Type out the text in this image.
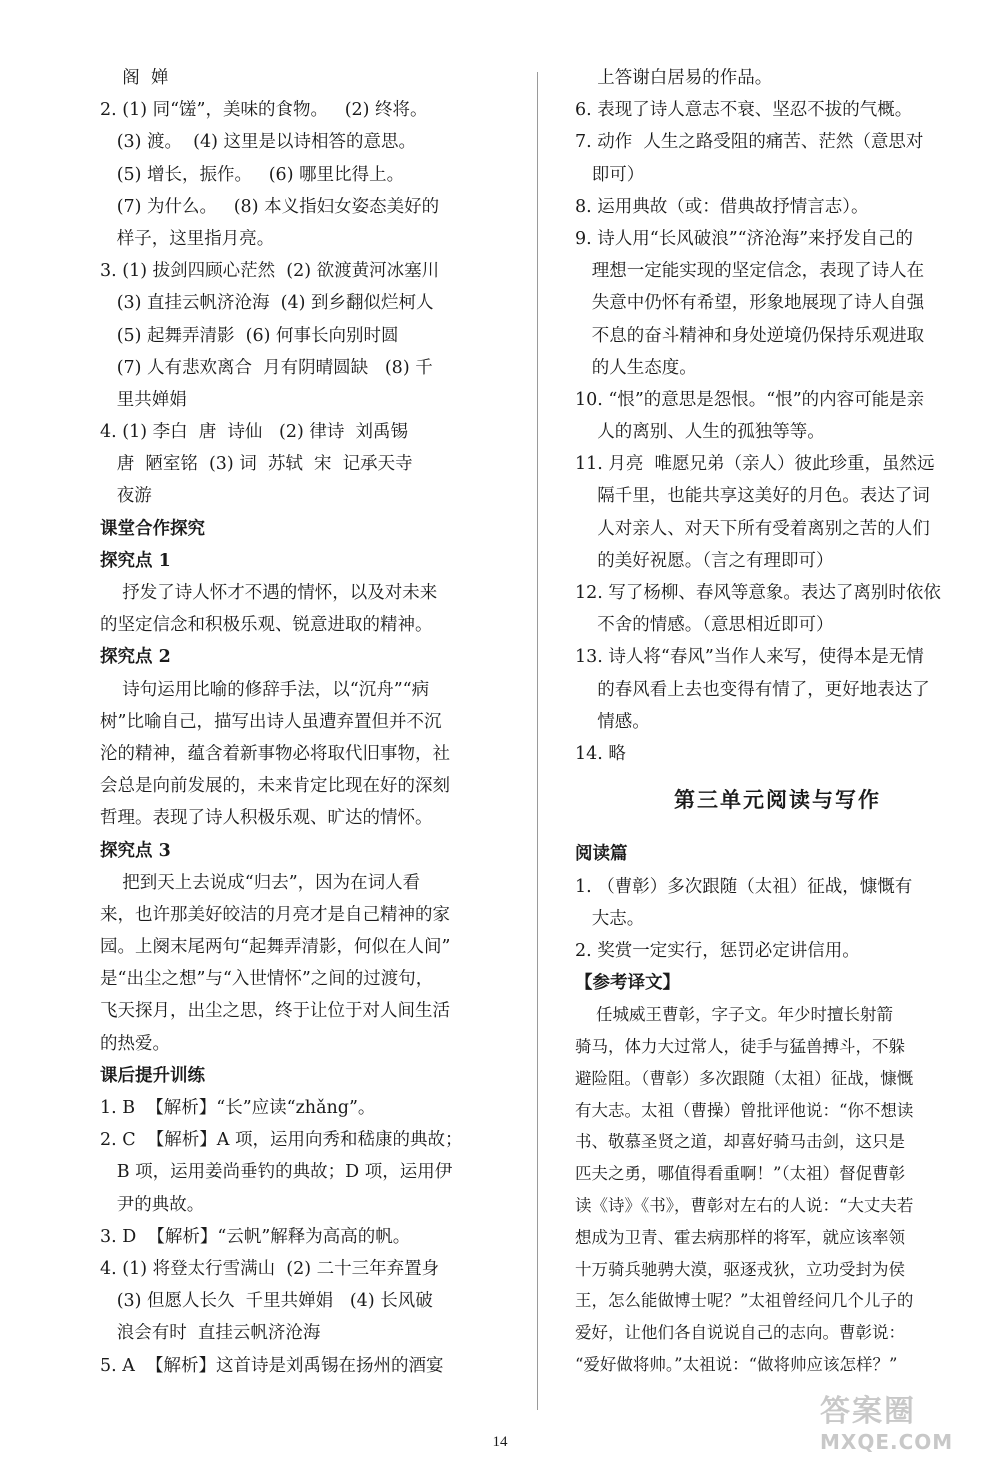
阁  婵
2. (1) 同“馐”，美味的食物。   (2) 终将。
(3) 渡。  (4) 这里是以诗相答的意思。
(5) 增长，振作。   (6) 哪里比得上。
(7) 为什么。   (8) 本义指妇女姿态美好的
样子，这里指月亮。
3. (1) 拔剑四顾心茫然  (2) 欲渡黄河冰塞川
(3) 直挂云帆济沧海  (4) 到乡翻似烂柯人
(5) 起舞弄清影  (6) 何事长向别时圆
(7) 人有悲欢离合  月有阴晴圆缺   (8) 千
里共婵娟
4. (1) 李白  唐  诗仙   (2) 律诗  刘禹锡
唐  陋室铭  (3) 词  苏轼  宋  记承天寺
夜游
课堂合作探究
探究点 1
抒发了诗人怀才不遇的情怀，以及对未来
的坚定信念和积极乐观、锐意进取的精神。
探究点 2
诗句运用比喻的修辞手法，以“沉舟”“病
树”比喻自己，描写出诗人虽遭弃置但并不沉
沦的精神，蕴含着新事物必将取代旧事物，社
会总是向前发展的，未来肯定比现在好的深刻
哲理。表现了诗人积极乐观、旷达的情怀。
探究点 3
把到天上去说成“归去”，因为在词人看
来，也许那美好皎洁的月亮才是自己精神的家
园。上阕末尾两句“起舞弄清影，何似在人间”
是“出尘之想”与“入世情怀”之间的过渡句，
飞天探月，出尘之思，终于让位于对人间生活
的热爱。
课后提升训练
1. B  【解析】“长”应读“zhǎng”。
2. C  【解析】A 项，运用向秀和嵇康的典故；
B 项，运用姜尚垂钓的典故；D 项，运用伊
尹的典故。
3. D  【解析】“云帆”解释为高高的帆。
4. (1) 将登太行雪满山  (2) 二十三年弃置身
(3) 但愿人长久  千里共婵娟   (4) 长风破
浪会有时  直挂云帆济沧海
5. A  【解析】这首诗是刘禹锡在扬州的酒宴
上答谢白居易的作品。
6. 表现了诗人意志不衰、坚忍不拔的气概。
7. 动作  人生之路受阻的痛苦、茫然（意思对
即可）
8. 运用典故（或：借典故抒情言志）。
9. 诗人用“长风破浪”“济沧海”来抒发自己的
理想一定能实现的坚定信念，表现了诗人在
失意中仍怀有希望，形象地展现了诗人自强
不息的奋斗精神和身处逆境仍保持乐观进取
的人生态度。
10. “恨”的意思是怨恨。“恨”的内容可能是亲
人的离别、人生的孤独等等。
11. 月亮  唯愿兄弟（亲人）彼此珍重，虽然远
隔千里，也能共享这美好的月色。表达了词
人对亲人、对天下所有受着离别之苦的人们
的美好祝愿。（言之有理即可）
12. 写了杨柳、春风等意象。表达了离别时依依
不舍的情感。（意思相近即可）
13. 诗人将“春风”当作人来写，使得本是无情
的春风看上去也变得有情了，更好地表达了
情感。
14. 略
第三单元阅读与写作
阅读篇
1. （曹彰）多次跟随（太祖）征战，慷慨有
大志。
2. 奖赏一定实行，惩罚必定讲信用。
【参考译文】
任城威王曹彰，字子文。年少时擅长射箭
骑马，体力大过常人，徒手与猛兽搏斗，不躲
避险阻。（曹彰）多次跟随（太祖）征战，慷慨
有大志。太祖（曹操）曾批评他说：“你不想读
书、敬慕圣贤之道，却喜好骑马击剑，这只是
匹夫之勇，哪值得看重啊！”（太祖）督促曹彰
读《诗》《书》，曹彰对左右的人说：“大丈夫若
想成为卫青、霍去病那样的将军，就应该率领
十万骑兵驰骋大漠，驱逐戎狄，立功受封为侯
王，怎么能做博士呢？”太祖曾经问几个儿子的
爱好，让他们各自说说自己的志向。曹彰说：
“爱好做将帅。”太祖说：“做将帅应该怎样？”
14
答案圈
MXQE.COM
